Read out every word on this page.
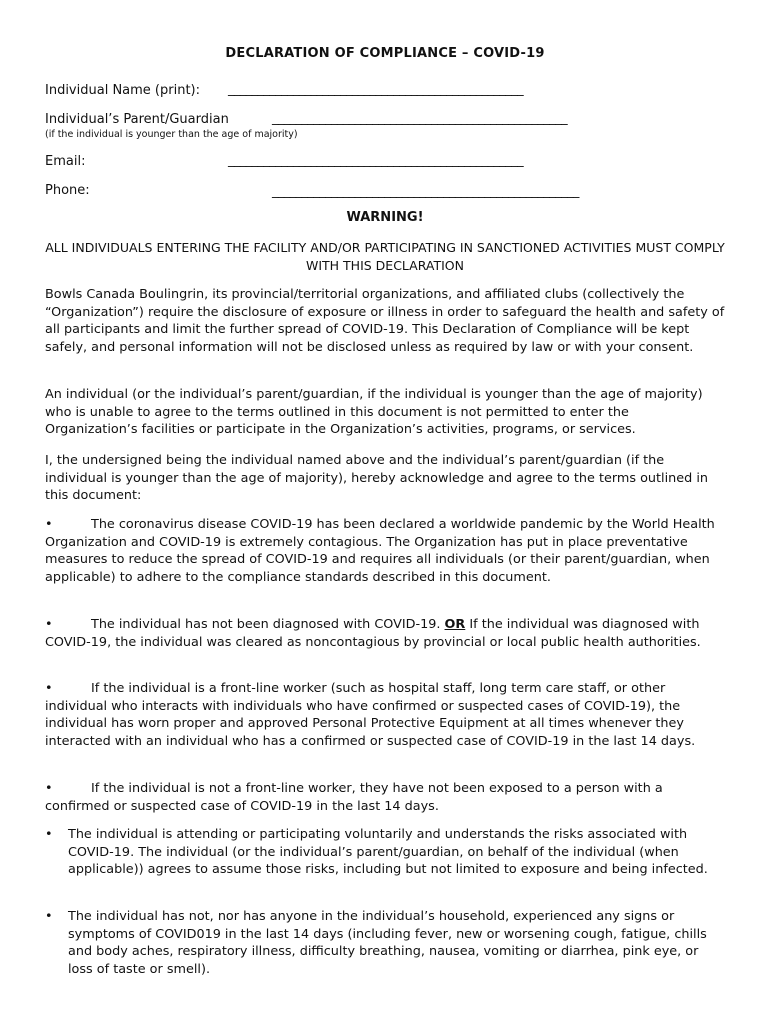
DECLARATION OF COMPLIANCE – COVID-19
Individual Name (print): __________________________________________________
Individual’s Parent/Guardian	__________________________________________________
(if the individual is younger than the age of majority)
Email:	__________________________________________________
Phone:	____________________________________________________
WARNING!
ALL INDIVIDUALS ENTERING THE FACILITY AND/OR PARTICIPATING IN SANCTIONED ACTIVITIES MUST COMPLY WITH THIS DECLARATION
Bowls Canada Boulingrin, its provincial/territorial organizations, and affiliated clubs (collectively the “Organization”) require the disclosure of exposure or illness in order to safeguard the health and safety of all participants and limit the further spread of COVID-19. This Declaration of Compliance will be kept safely, and personal information will not be disclosed unless as required by law or with your consent.
An individual (or the individual’s parent/guardian, if the individual is younger than the age of majority) who is unable to agree to the terms outlined in this document is not permitted to enter the Organization’s facilities or participate in the Organization’s activities, programs, or services.
I, the undersigned being the individual named above and the individual’s parent/guardian (if the individual is younger than the age of majority), hereby acknowledge and agree to the terms outlined in this document:
•	The coronavirus disease COVID-19 has been declared a worldwide pandemic by the World Health Organization and COVID-19 is extremely contagious. The Organization has put in place preventative measures to reduce the spread of COVID-19 and requires all individuals (or their parent/guardian, when applicable) to adhere to the compliance standards described in this document.
•	The individual has not been diagnosed with COVID-19. OR If the individual was diagnosed with COVID-19, the individual was cleared as noncontagious by provincial or local public health authorities.
•	If the individual is a front-line worker (such as hospital staff, long term care staff, or other individual who interacts with individuals who have confirmed or suspected cases of COVID-19), the individual has worn proper and approved Personal Protective Equipment at all times whenever they interacted with an individual who has a confirmed or suspected case of COVID-19 in the last 14 days.
•	If the individual is not a front-line worker, they have not been exposed to a person with a confirmed or suspected case of COVID-19 in the last 14 days.
• The individual is attending or participating voluntarily and understands the risks associated with COVID-19. The individual (or the individual’s parent/guardian, on behalf of the individual (when applicable)) agrees to assume those risks, including but not limited to exposure and being infected.
• The individual has not, nor has anyone in the individual’s household, experienced any signs or symptoms of COVID019 in the last 14 days (including fever, new or worsening cough, fatigue, chills and body aches, respiratory illness, difficulty breathing, nausea, vomiting or diarrhea, pink eye, or loss of taste or smell).
